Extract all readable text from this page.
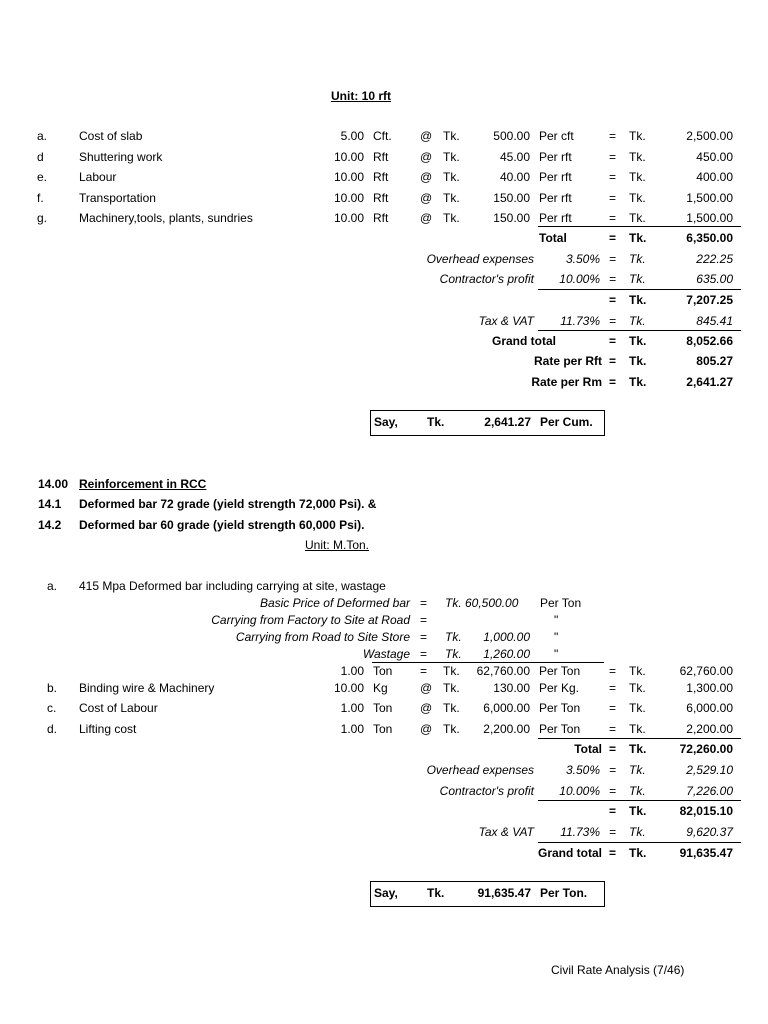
Unit: 10 rft
a.	Cost of slab	5.00 Cft. @ Tk.	500.00 Per cft	= Tk.	2,500.00
d	Shuttering work	10.00 Rft	@ Tk.	45.00 Per rft	= Tk.	450.00
e.	Labour	10.00 Rft	@ Tk.	40.00 Per rft	= Tk.	400.00
f.	Transportation	10.00 Rft	@ Tk.	150.00 Per rft	= Tk.	1,500.00
g.	Machinery,tools, plants, sundries	10.00 Rft	@ Tk.	150.00 Per rft	= Tk.	1,500.00
Total	= Tk.	6,350.00
Overhead expenses	3.50% = Tk.	222.25
Contractor's profit	10.00% = Tk.	635.00
= Tk.	7,207.25
Tax & VAT	11.73% = Tk.	845.41
Grand total	= Tk.	8,052.66
Rate per Rft = Tk.	805.27
Rate per Rm = Tk.	2,641.27
Say, Tk.	2,641.27 Per Cum.
14.00 Reinforcement in RCC
14.1 Deformed bar 72 grade (yield strength 72,000 Psi). &
14.2 Deformed bar 60 grade (yield strength 60,000 Psi).
Unit: M.Ton.
a. 415 Mpa Deformed bar including carrying at site, wastage
Basic Price of Deformed bar = Tk. 60,500.00 Per Ton
Carrying from Factory to Site at Road =	"
Carrying from Road to Site Store = Tk.	1,000.00 "
Wastage = Tk.	1,260.00 "
1.00 Ton = Tk.	62,760.00 Per Ton = Tk.	62,760.00
b. Binding wire & Machinery	10.00 Kg	@ Tk.	130.00 Per Kg. = Tk.	1,300.00
c. Cost of Labour	1.00 Ton @ Tk.	6,000.00 Per Ton = Tk.	6,000.00
d. Lifting cost	1.00 Ton @ Tk.	2,200.00 Per Ton = Tk.	2,200.00
Total = Tk.	72,260.00
Overhead expenses	3.50% = Tk.	2,529.10
Contractor's profit	10.00% = Tk.	7,226.00
= Tk.	82,015.10
Tax & VAT	11.73% = Tk.	9,620.37
Grand total = Tk.	91,635.47
Say, Tk.	91,635.47 Per Ton.
Civil Rate Analysis (7/46)
